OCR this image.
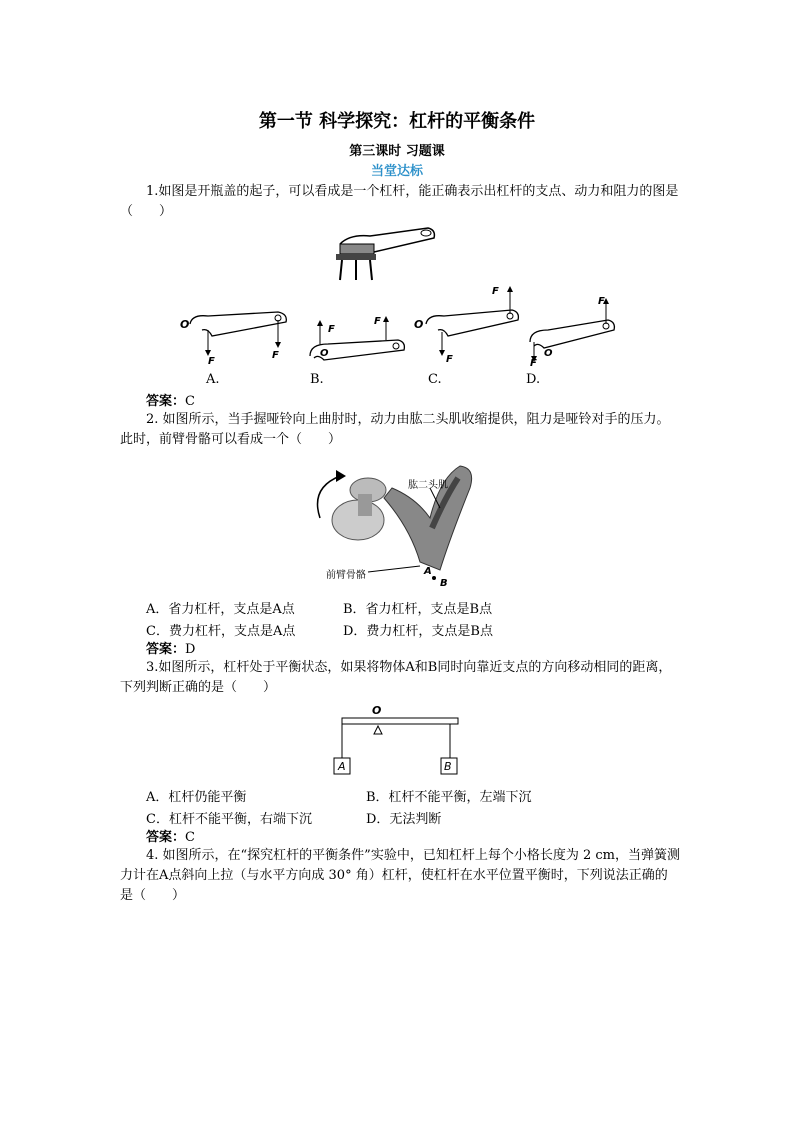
第一节 科学探究：杠杆的平衡条件
第三课时 习题课
当堂达标
1.如图是开瓶盖的起子，可以看成是一个杠杆，能正确表示出杠杆的支点、动力和阻力的图是（　　）
O
F
F
F
F
O
F
O
F
F
F
O
A.	B.	C.	D.
答案：C
2. 如图所示，当手握哑铃向上曲肘时，动力由肱二头肌收缩提供，阻力是哑铃对手的压力。此时，前臂骨骼可以看成一个（　　）
肱二头肌
前臂骨骼	A
B
A．省力杠杆，支点是A点	B．省力杠杆，支点是B点
C．费力杠杆，支点是A点	D．费力杠杆，支点是B点
答案：D
3.如图所示，杠杆处于平衡状态，如果将物体A和B同时向靠近支点的方向移动相同的距离，下列判断正确的是（　　）
O
A	B
A．杠杆仍能平衡	B．杠杆不能平衡，左端下沉
C．杠杆不能平衡，右端下沉	D．无法判断
答案：C
4. 如图所示，在“探究杠杆的平衡条件”实验中，已知杠杆上每个小格长度为 2 cm，当弹簧测力计在A点斜向上拉（与水平方向成 30° 角）杠杆，使杠杆在水平位置平衡时，下列说法正确的是（　　）
